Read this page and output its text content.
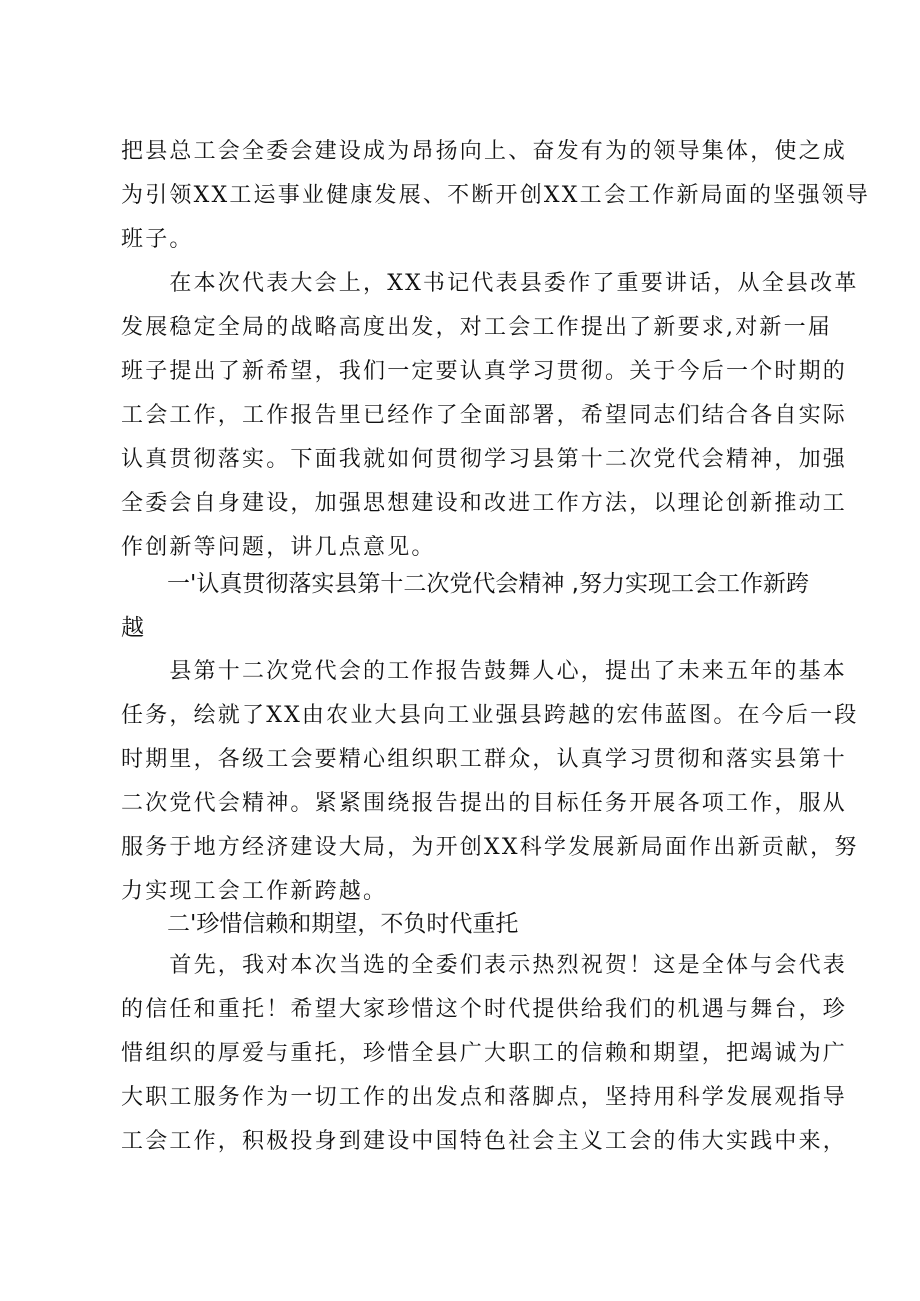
把县总工会全委会建设成为昂扬向上、奋发有为的领导集体，使之成
为引领XX工运事业健康发展、不断开创XX工会工作新局面的坚强领导
班子。
　　在本次代表大会上，XX书记代表县委作了重要讲话，从全县改革
发展稳定全局的战略高度出发，对工会工作提出了新要求,对新一届
班子提出了新希望，我们一定要认真学习贯彻。关于今后一个时期的
工会工作，工作报告里已经作了全面部署，希望同志们结合各自实际
认真贯彻落实。下面我就如何贯彻学习县第十二次党代会精神，加强
全委会自身建设，加强思想建设和改进工作方法，以理论创新推动工
作创新等问题，讲几点意见。
　　一'认真贯彻落实县第十二次党代会精神 ,努力实现工会工作新跨
越
　　县第十二次党代会的工作报告鼓舞人心，提出了未来五年的基本
任务，绘就了XX由农业大县向工业强县跨越的宏伟蓝图。在今后一段
时期里，各级工会要精心组织职工群众，认真学习贯彻和落实县第十
二次党代会精神。紧紧围绕报告提出的目标任务开展各项工作，服从
服务于地方经济建设大局，为开创XX科学发展新局面作出新贡献，努
力实现工会工作新跨越。
　　二'珍惜信赖和期望，不负时代重托
　　首先，我对本次当选的全委们表示热烈祝贺！这是全体与会代表
的信任和重托！希望大家珍惜这个时代提供给我们的机遇与舞台，珍
惜组织的厚爱与重托，珍惜全县广大职工的信赖和期望，把竭诚为广
大职工服务作为一切工作的出发点和落脚点，坚持用科学发展观指导
工会工作，积极投身到建设中国特色社会主义工会的伟大实践中来，
